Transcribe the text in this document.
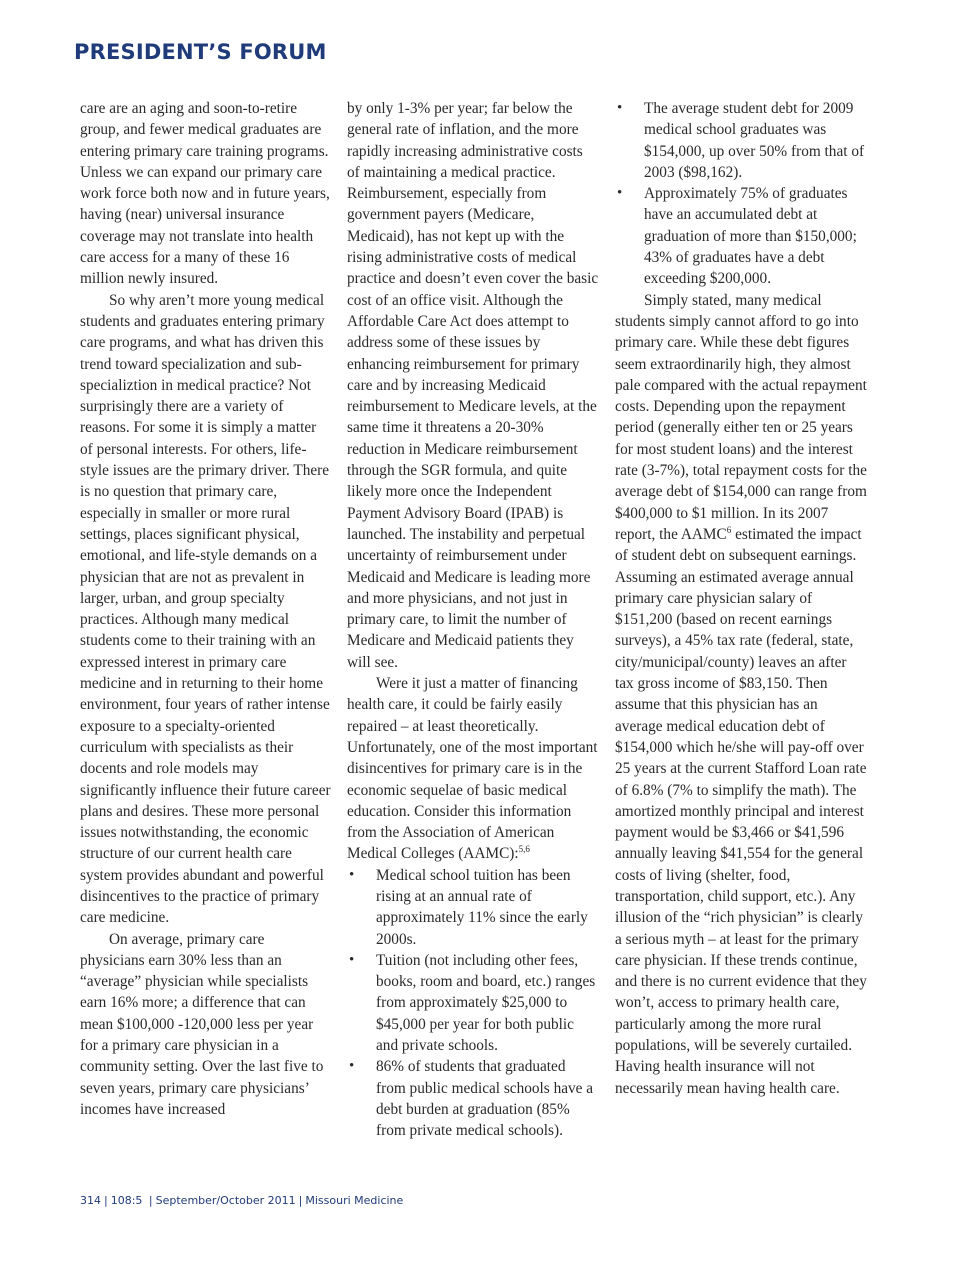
PRESIDENT’S FORUM

care are an aging and soon-to-retire group, and fewer medical graduates are entering primary care training programs. Unless we can expand our primary care work force both now and in future years, having (near) universal insurance coverage may not translate into health care access for a many of these 16 million newly insured.

So why aren’t more young medical students and graduates entering primary care programs, and what has driven this trend toward specialization and sub-specializtion in medical practice? Not surprisingly there are a variety of reasons. For some it is simply a matter of personal interests. For others, life-style issues are the primary driver. There is no question that primary care, especially in smaller or more rural settings, places significant physical, emotional, and life-style demands on a physician that are not as prevalent in larger, urban, and group specialty practices. Although many medical students come to their training with an expressed interest in primary care medicine and in returning to their home environment, four years of rather intense exposure to a specialty-oriented curriculum with specialists as their docents and role models may significantly influence their future career plans and desires. These more personal issues notwithstanding, the economic structure of our current health care system provides abundant and powerful disincentives to the practice of primary care medicine.

On average, primary care physicians earn 30% less than an “average” physician while specialists earn 16% more; a difference that can mean $100,000 -120,000 less per year for a primary care physician in a community setting. Over the last five to seven years, primary care physicians’ incomes have increased

by only 1-3% per year; far below the general rate of inflation, and the more rapidly increasing administrative costs of maintaining a medical practice. Reimbursement, especially from government payers (Medicare, Medicaid), has not kept up with the rising administrative costs of medical practice and doesn’t even cover the basic cost of an office visit. Although the Affordable Care Act does attempt to address some of these issues by enhancing reimbursement for primary care and by increasing Medicaid reimbursement to Medicare levels, at the same time it threatens a 20-30% reduction in Medicare reimbursement through the SGR formula, and quite likely more once the Independent Payment Advisory Board (IPAB) is launched. The instability and perpetual uncertainty of reimbursement under Medicaid and Medicare is leading more and more physicians, and not just in primary care, to limit the number of Medicare and Medicaid patients they will see.

Were it just a matter of financing health care, it could be fairly easily repaired – at least theoretically. Unfortunately, one of the most important disincentives for primary care is in the economic sequelae of basic medical education. Consider this information from the Association of American Medical Colleges (AAMC):$^{5,6}$

• Medical school tuition has been rising at an annual rate of approximately 11% since the early 2000s.
• Tuition (not including other fees, books, room and board, etc.) ranges from approximately $25,000 to $45,000 per year for both public and private schools.
• 86% of students that graduated from public medical schools have a debt burden at graduation (85% from private medical schools).
• The average student debt for 2009 medical school graduates was $154,000, up over 50% from that of 2003 ($98,162).
• Approximately 75% of graduates have an accumulated debt at graduation of more than $150,000; 43% of graduates have a debt exceeding $200,000.

Simply stated, many medical students simply cannot afford to go into primary care. While these debt figures seem extraordinarily high, they almost pale compared with the actual repayment costs. Depending upon the repayment period (generally either ten or 25 years for most student loans) and the interest rate (3-7%), total repayment costs for the average debt of $154,000 can range from $400,000 to $1 million. In its 2007 report, the AAMC$^6$ estimated the impact of student debt on subsequent earnings. Assuming an estimated average annual primary care physician salary of $151,200 (based on recent earnings surveys), a 45% tax rate (federal, state, city/municipal/county) leaves an after tax gross income of $83,150. Then assume that this physician has an average medical education debt of $154,000 which he/she will pay-off over 25 years at the current Stafford Loan rate of 6.8% (7% to simplify the math). The amortized monthly principal and interest payment would be $3,466 or $41,596 annually leaving $41,554 for the general costs of living (shelter, food, transportation, child support, etc.). Any illusion of the “rich physician” is clearly a serious myth – at least for the primary care physician. If these trends continue, and there is no current evidence that they won’t, access to primary health care, particularly among the more rural populations, will be severely curtailed. Having health insurance will not necessarily mean having health care.

314 | 108:5 | September/October 2011 | Missouri Medicine
